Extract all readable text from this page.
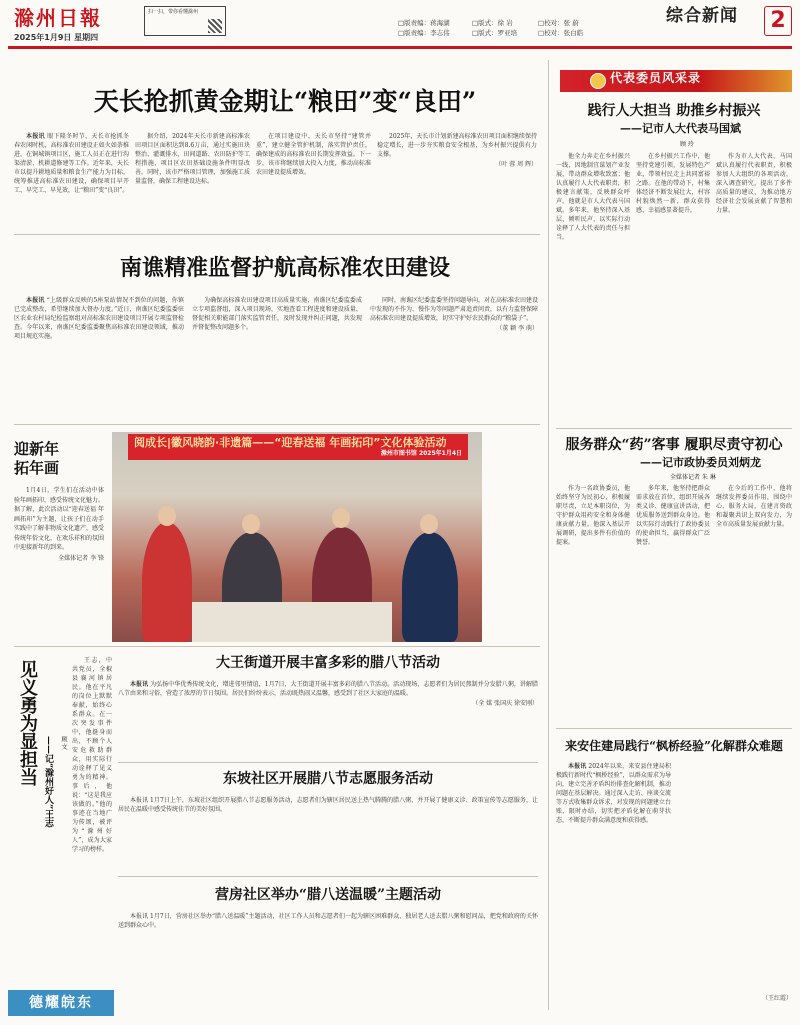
滁州日報
2025年1月9日 星期四
扫一扫，带你看懂滁州
□版责编：蒋海湖
□版责编：李志伟
□版式：徐 岩
□版式：罗亚培
□校对：张 蔚
□校对：张白皓
综合新闻 2
天长抢抓黄金期让“粮田”变“良田”

本报讯 眼下隆冬时节，天长市抢抓冬春农闲时机，高标准农田建设正如火如荼推进。在铜城镇项目区，施工人员正在进行沟渠清淤、机耕道修建等工作。近年来，天长市以提升耕地质量和粮食生产能力为目标，统筹推进高标准农田建设，确保项目早开工、早完工、早见效，让“粮田”变“良田”。

据介绍，2024年天长市新建高标准农田项目区面积达到8.6万亩，通过实施田块整治、灌溉排水、田间道路、农田防护等工程措施，项目区农田基础设施条件明显改善。同时，该市严格项目管理，加强施工质量监督，确保工程建设达标。

在项目建设中，天长市坚持“建管并重”，建立健全管护机制，落实管护责任，确保建成的高标准农田长期发挥效益。下一步，该市将继续加大投入力度，推动高标准农田建设提质增效。

2025年，天长市计划新建高标准农田项目面积继续保持稳定增长，进一步夯实粮食安全根基，为乡村振兴提供有力支撑。

（叶 蓉 周 辉）

南谯精准监督护航高标准农田建设

本报讯 “上级群众反映的5座泵站情况不到位的问题，你镇已完成整改，希望继续加大督办力度。”近日，南谯区纪委监委驻区农业农村局纪检监察组对高标准农田建设项目开展专项监督检查。今年以来，南谯区纪委监委聚焦高标准农田建设领域，推动项目规范实施。

为确保高标准农田建设项目高质量实施，南谯区纪委监委成立专项监督组，深入项目现场，实地查看工程进度和建设质量，督促相关职能部门落实监管责任，及时发现并纠正问题，共发现并督促整改问题多个。

同时，南谯区纪委监委坚持问题导向，对在高标准农田建设中发现的不作为、慢作为等问题严肃追责问责，以有力监督保障高标准农田建设提质增效，切实守护好农民群众的“粮袋子”。

（董 颖 李 萌）

代表委员风采录
践行人大担当 助推乡村振兴
——记市人大代表马国斌
顾 玲

他全力奔走在乡村振兴一线，因地制宜谋划产业发展，带动群众增收致富；他认真履行人大代表职责，积极建言献策，反映群众呼声。他就是市人大代表马国斌。多年来，他坚持深入基层，倾听民声，以实际行动诠释了人大代表的责任与担当。

在乡村振兴工作中，他坚持党建引领，发展特色产业，带领村民走上共同富裕之路。在他的带动下，村集体经济不断发展壮大，村容村貌焕然一新，群众获得感、幸福感显著提升。

作为市人大代表，马国斌认真履行代表职责，积极参加人大组织的各项活动，深入调查研究，提出了多件高质量的建议，为推动地方经济社会发展贡献了智慧和力量。

服务群众“药”客事 履职尽责守初心
——记市政协委员刘炳龙
全媒体记者 朱 琳

作为一名政协委员，他始终坚守为民初心，积极履职尽责，立足本职岗位，为守护群众用药安全和身体健康贡献力量。他深入基层开展调研，提出多件有价值的提案。

多年来，他坚持把群众需求放在首位，组织开展各类义诊、健康宣讲活动，把优质服务送到群众身边。他以实际行动践行了政协委员的使命担当，赢得群众广泛赞誉。

在今后的工作中，他将继续发挥委员作用，围绕中心、服务大局，在建言资政和凝聚共识上双向发力，为全市高质量发展贡献力量。

来安住建局践行“枫桥经验”化解群众难题

本报讯 2024年以来，来安县住建局积极践行新时代“枫桥经验”，以群众需求为导向，建立完善矛盾纠纷排查化解机制，推动问题在基层解决。通过深入走访、座谈交流等方式收集群众诉求，对发现的问题建立台账、限时办结，切实把矛盾化解在萌芽状态，不断提升群众满意度和获得感。

（王红霞）

阅成长|徽风晓韵·非遗篇——“迎春送福 年画拓印”文化体验活动
滁州市图书馆 2025年1月4日
迎新年
拓年画

1月4日，学生们在活动中体验年画拓印，感受传统文化魅力。据了解，此次活动以“迎春送福 年画拓印”为主题，让孩子们在动手实践中了解非物质文化遗产，感受传统年俗文化，在欢乐祥和的氛围中迎接新年的到来。

全媒体记者 李 锋

见义勇为显担当 ——记“滁州好人”王志	顾 文

王志，中共党员，全椒县襄河镇居民。他在平凡的岗位上默默奉献，始终心系群众。在一次突发事件中，他挺身而出，不顾个人安危救助群众，用实际行动诠释了见义勇为的精神。事后，他说：“这是我应该做的。”他的事迹在当地广为传颂，被评为“滁州好人”，成为大家学习的榜样。

大王街道开展丰富多彩的腊八节活动

本报讯 为弘扬中华优秀传统文化，增进邻里情谊，1月7日，大王街道开展丰富多彩的腊八节活动。活动现场，志愿者们为居民熬制并分发腊八粥，讲解腊八节由来和习俗，营造了浓厚的节日氛围。居民们纷纷表示，活动既热闹又温馨，感受到了社区大家庭的温暖。

（全 媒 张国庆 徐安刚）

东坡社区开展腊八节志愿服务活动

本报讯 1月7日上午，东坡社区组织开展腊八节志愿服务活动，志愿者们为辖区居民送上热气腾腾的腊八粥，并开展了健康义诊、政策宣传等志愿服务，让居民在温暖中感受传统佳节的美好氛围。

营房社区举办“腊八送温暖”主题活动

本报讯 1月7日，营房社区举办“腊八送温暖”主题活动，社区工作人员和志愿者们一起为辖区困难群众、独居老人送去腊八粥和慰问品，把党和政府的关怀送到群众心中。

德耀皖东
